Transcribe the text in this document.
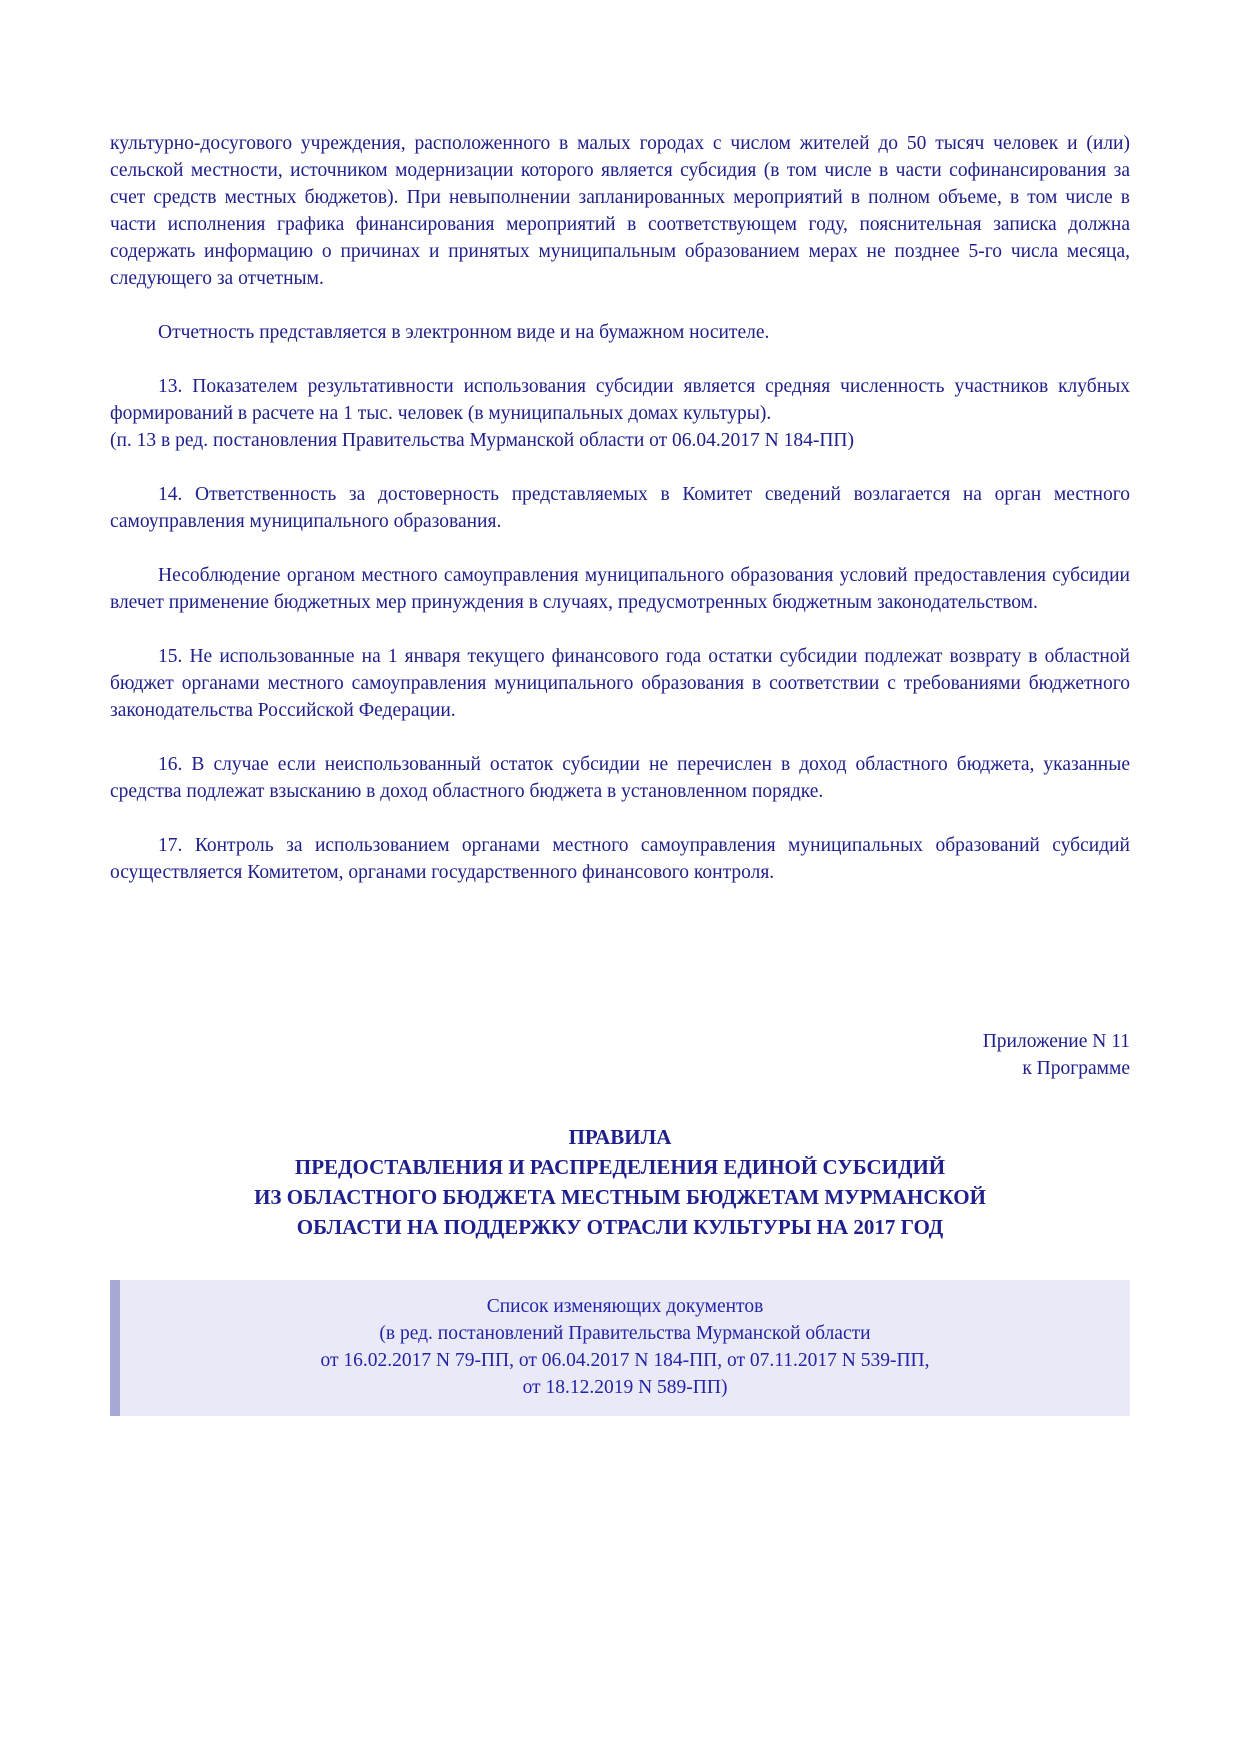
культурно-досугового учреждения, расположенного в малых городах с числом жителей до 50 тысяч человек и (или) сельской местности, источником модернизации которого является субсидия (в том числе в части софинансирования за счет средств местных бюджетов). При невыполнении запланированных мероприятий в полном объеме, в том числе в части исполнения графика финансирования мероприятий в соответствующем году, пояснительная записка должна содержать информацию о причинах и принятых муниципальным образованием мерах не позднее 5-го числа месяца, следующего за отчетным.

Отчетность представляется в электронном виде и на бумажном носителе.

13. Показателем результативности использования субсидии является средняя численность участников клубных формирований в расчете на 1 тыс. человек (в муниципальных домах культуры).

(п. 13 в ред. постановления Правительства Мурманской области от 06.04.2017 N 184-ПП)

14. Ответственность за достоверность представляемых в Комитет сведений возлагается на орган местного самоуправления муниципального образования.

Несоблюдение органом местного самоуправления муниципального образования условий предоставления субсидии влечет применение бюджетных мер принуждения в случаях, предусмотренных бюджетным законодательством.

15. Не использованные на 1 января текущего финансового года остатки субсидии подлежат возврату в областной бюджет органами местного самоуправления муниципального образования в соответствии с требованиями бюджетного законодательства Российской Федерации.

16. В случае если неиспользованный остаток субсидии не перечислен в доход областного бюджета, указанные средства подлежат взысканию в доход областного бюджета в установленном порядке.

17. Контроль за использованием органами местного самоуправления муниципальных образований субсидий осуществляется Комитетом, органами государственного финансового контроля.

Приложение N 11
к Программе
ПРАВИЛА
ПРЕДОСТАВЛЕНИЯ И РАСПРЕДЕЛЕНИЯ ЕДИНОЙ СУБСИДИЙ
ИЗ ОБЛАСТНОГО БЮДЖЕТА МЕСТНЫМ БЮДЖЕТАМ МУРМАНСКОЙ
ОБЛАСТИ НА ПОДДЕРЖКУ ОТРАСЛИ КУЛЬТУРЫ НА 2017 ГОД
Список изменяющих документов
(в ред. постановлений Правительства Мурманской области
от 16.02.2017 N 79-ПП, от 06.04.2017 N 184-ПП, от 07.11.2017 N 539-ПП,
от 18.12.2019 N 589-ПП)
